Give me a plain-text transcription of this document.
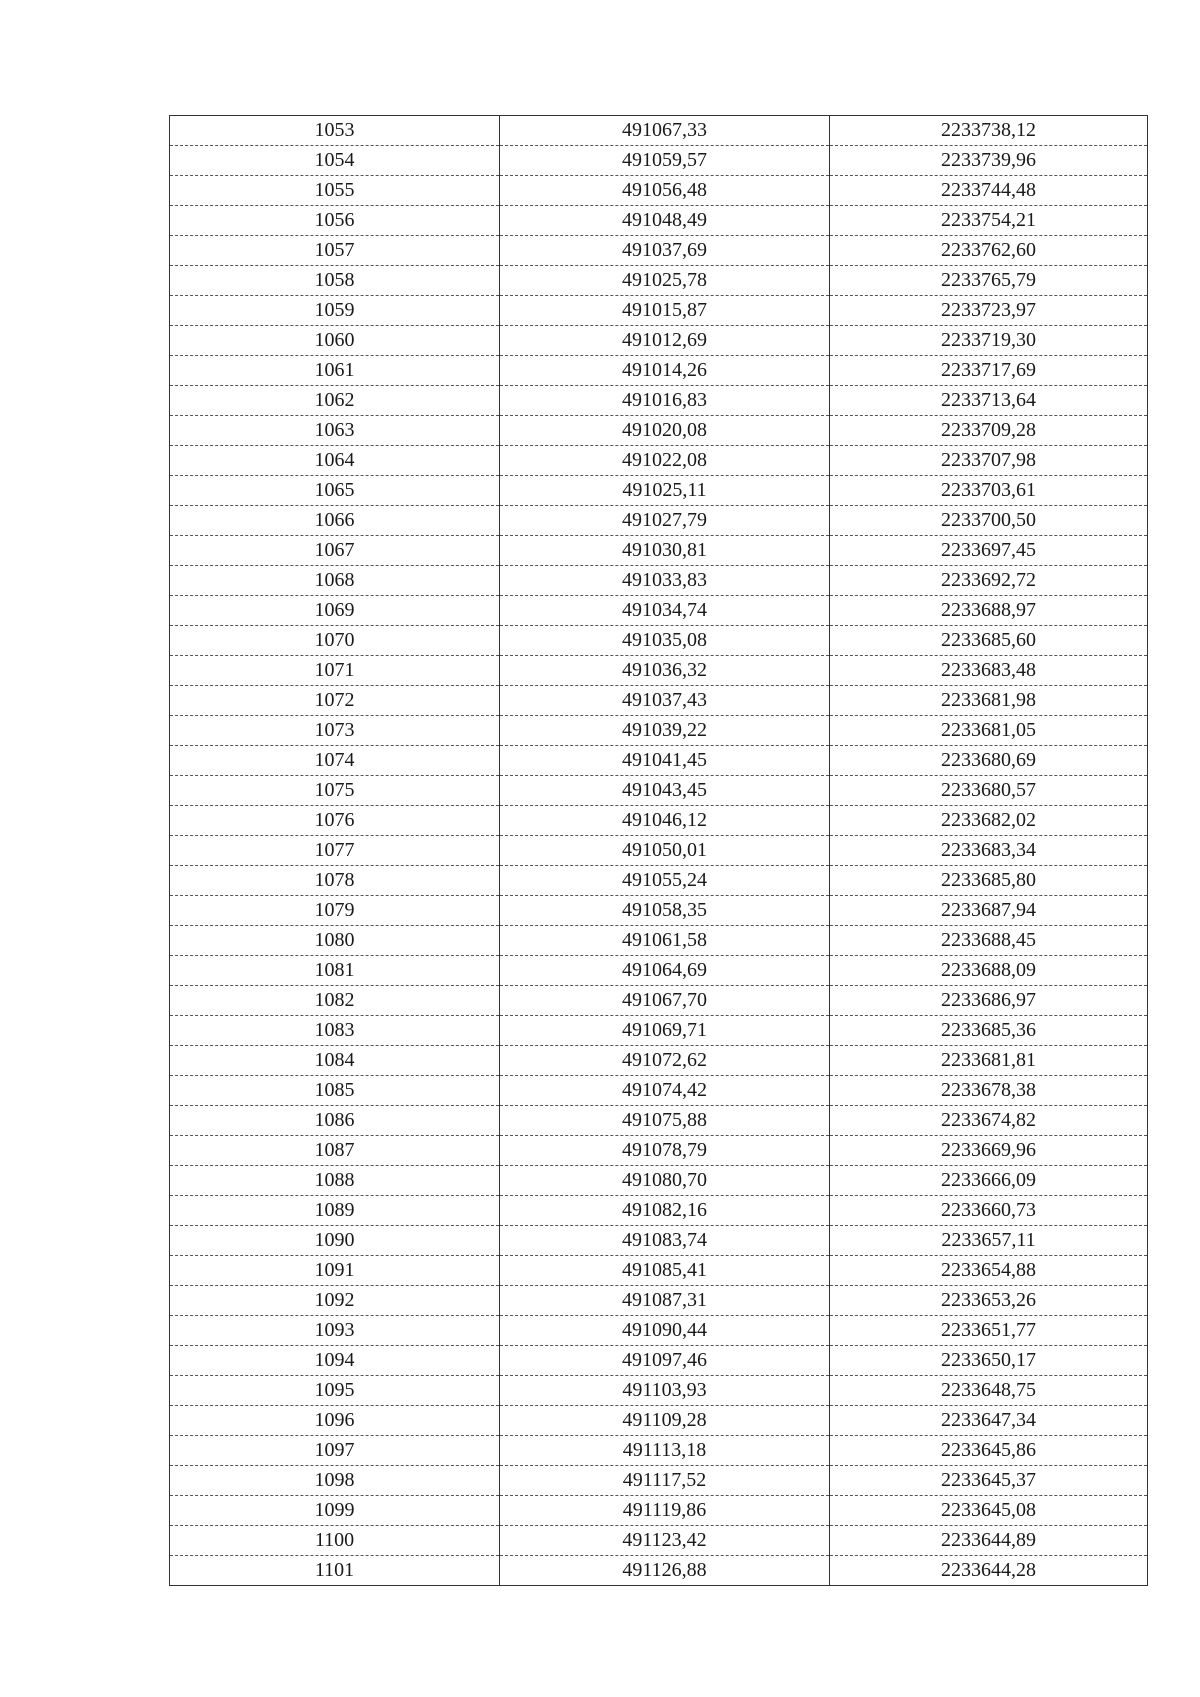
1053	491067,33	2233738,12
1054	491059,57	2233739,96
1055	491056,48	2233744,48
1056	491048,49	2233754,21
1057	491037,69	2233762,60
1058	491025,78	2233765,79
1059	491015,87	2233723,97
1060	491012,69	2233719,30
1061	491014,26	2233717,69
1062	491016,83	2233713,64
1063	491020,08	2233709,28
1064	491022,08	2233707,98
1065	491025,11	2233703,61
1066	491027,79	2233700,50
1067	491030,81	2233697,45
1068	491033,83	2233692,72
1069	491034,74	2233688,97
1070	491035,08	2233685,60
1071	491036,32	2233683,48
1072	491037,43	2233681,98
1073	491039,22	2233681,05
1074	491041,45	2233680,69
1075	491043,45	2233680,57
1076	491046,12	2233682,02
1077	491050,01	2233683,34
1078	491055,24	2233685,80
1079	491058,35	2233687,94
1080	491061,58	2233688,45
1081	491064,69	2233688,09
1082	491067,70	2233686,97
1083	491069,71	2233685,36
1084	491072,62	2233681,81
1085	491074,42	2233678,38
1086	491075,88	2233674,82
1087	491078,79	2233669,96
1088	491080,70	2233666,09
1089	491082,16	2233660,73
1090	491083,74	2233657,11
1091	491085,41	2233654,88
1092	491087,31	2233653,26
1093	491090,44	2233651,77
1094	491097,46	2233650,17
1095	491103,93	2233648,75
1096	491109,28	2233647,34
1097	491113,18	2233645,86
1098	491117,52	2233645,37
1099	491119,86	2233645,08
1100	491123,42	2233644,89
1101	491126,88	2233644,28
